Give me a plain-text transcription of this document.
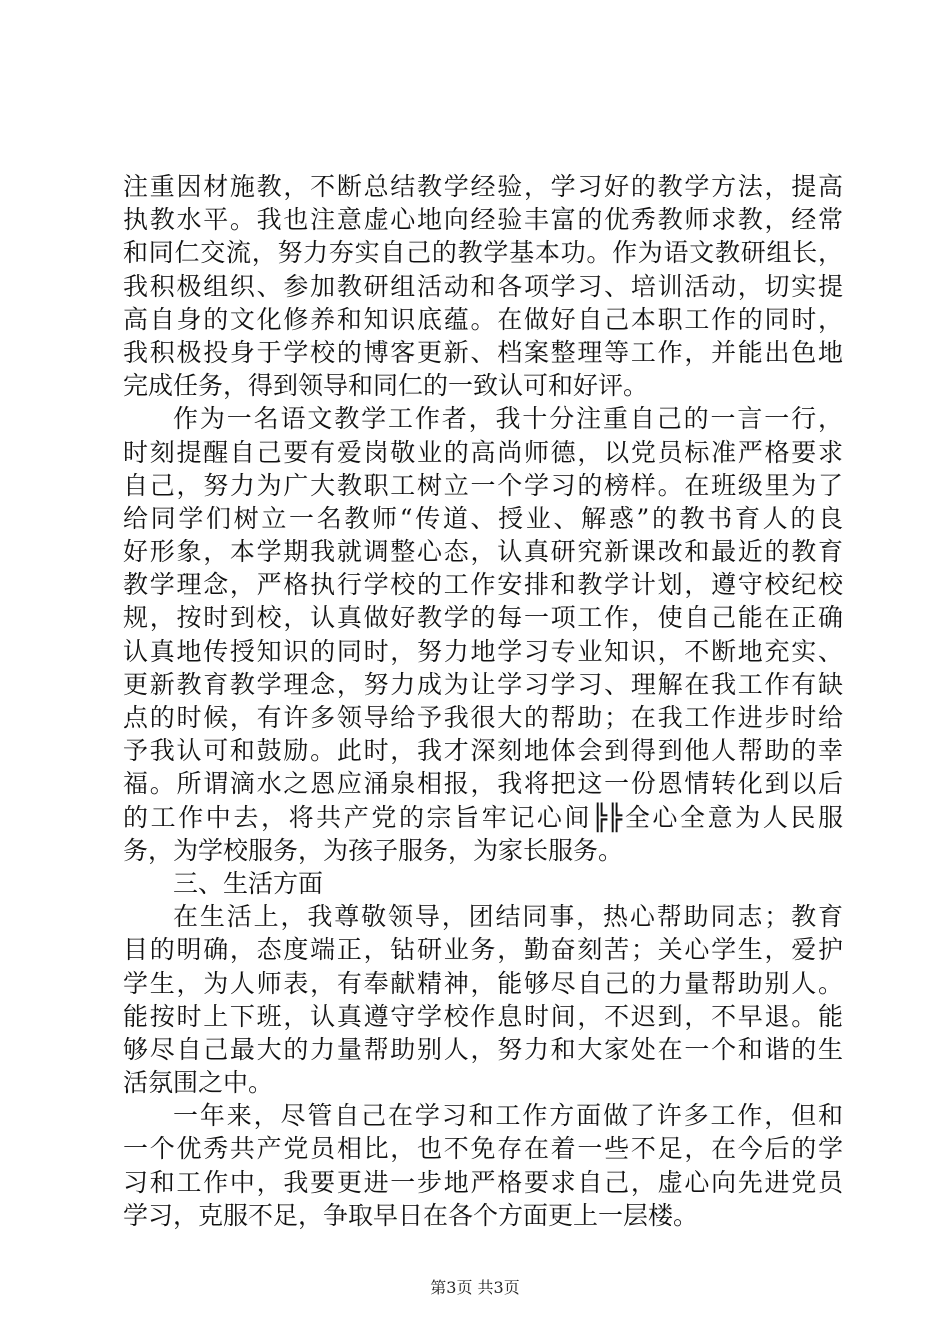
注重因材施教，不断总结教学经验，学习好的教学方法，提高
执教水平。我也注意虚心地向经验丰富的优秀教师求教，经常
和同仁交流，努力夯实自己的教学基本功。作为语文教研组长，
我积极组织、参加教研组活动和各项学习、培训活动，切实提
高自身的文化修养和知识底蕴。在做好自己本职工作的同时，
我积极投身于学校的博客更新、档案整理等工作，并能出色地
完成任务，得到领导和同仁的一致认可和好评。
作为一名语文教学工作者，我十分注重自己的一言一行，
时刻提醒自己要有爱岗敬业的高尚师德，以党员标准严格要求
自己，努力为广大教职工树立一个学习的榜样。在班级里为了
给同学们树立一名教师“传道、授业、解惑”的教书育人的良
好形象，本学期我就调整心态，认真研究新课改和最近的教育
教学理念，严格执行学校的工作安排和教学计划，遵守校纪校
规，按时到校，认真做好教学的每一项工作，使自己能在正确
认真地传授知识的同时，努力地学习专业知识，不断地充实、
更新教育教学理念，努力成为让学习学习、理解在我工作有缺
点的时候，有许多领导给予我很大的帮助；在我工作进步时给
予我认可和鼓励。此时，我才深刻地体会到得到他人帮助的幸
福。所谓滴水之恩应涌泉相报，我将把这一份恩情转化到以后
的工作中去，将共产党的宗旨牢记心间╠╠全心全意为人民服
务，为学校服务，为孩子服务，为家长服务。
三、生活方面
在生活上，我尊敬领导，团结同事，热心帮助同志；教育
目的明确，态度端正，钻研业务，勤奋刻苦；关心学生，爱护
学生，为人师表，有奉献精神，能够尽自己的力量帮助别人。
能按时上下班，认真遵守学校作息时间，不迟到，不早退。能
够尽自己最大的力量帮助别人，努力和大家处在一个和谐的生
活氛围之中。
一年来，尽管自己在学习和工作方面做了许多工作，但和
一个优秀共产党员相比，也不免存在着一些不足，在今后的学
习和工作中，我要更进一步地严格要求自己，虚心向先进党员
学习，克服不足，争取早日在各个方面更上一层楼。
第3页 共3页
